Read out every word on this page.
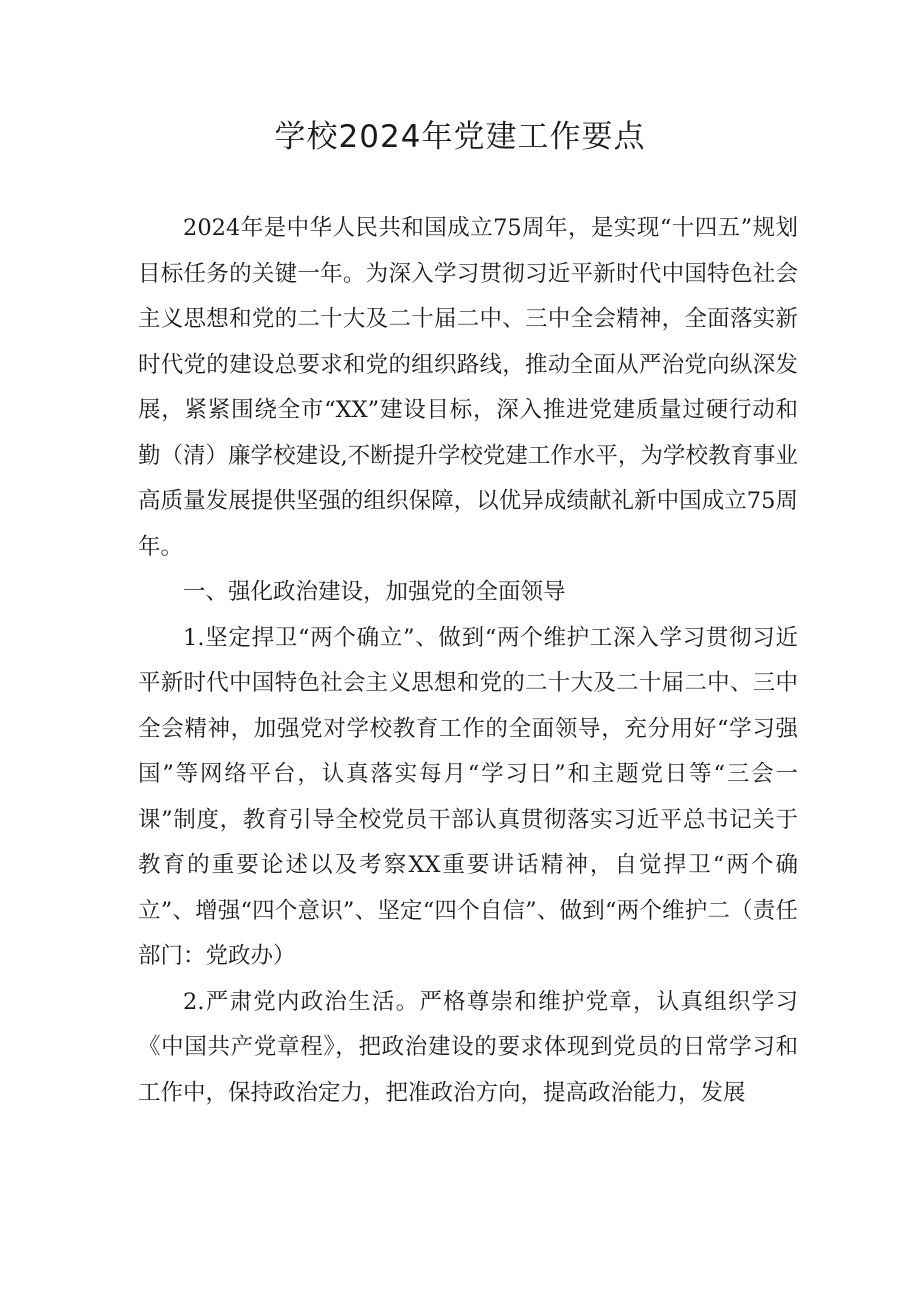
学校2024年党建工作要点

2024年是中华人民共和国成立75周年，是实现“十四五”规划目标任务的关键一年。为深入学习贯彻习近平新时代中国特色社会主义思想和党的二十大及二十届二中、三中全会精神，全面落实新时代党的建设总要求和党的组织路线，推动全面从严治党向纵深发展，紧紧围绕全市“XX”建设目标，深入推进党建质量过硬行动和勤（清）廉学校建设,不断提升学校党建工作水平，为学校教育事业高质量发展提供坚强的组织保障，以优异成绩献礼新中国成立75周年。

一、强化政治建设，加强党的全面领导

1.坚定捍卫“两个确立”、做到“两个维护工深入学习贯彻习近平新时代中国特色社会主义思想和党的二十大及二十届二中、三中全会精神，加强党对学校教育工作的全面领导，充分用好“学习强国”等网络平台，认真落实每月“学习日”和主题党日等“三会一课”制度，教育引导全校党员干部认真贯彻落实习近平总书记关于教育的重要论述以及考察XX重要讲话精神，自觉捍卫“两个确立”、增强“四个意识”、坚定“四个自信”、做到“两个维护二（责任部门：党政办）

2.严肃党内政治生活。严格尊崇和维护党章，认真组织学习《中国共产党章程》，把政治建设的要求体现到党员的日常学习和工作中，保持政治定力，把准政治方向，提高政治能力，发展
